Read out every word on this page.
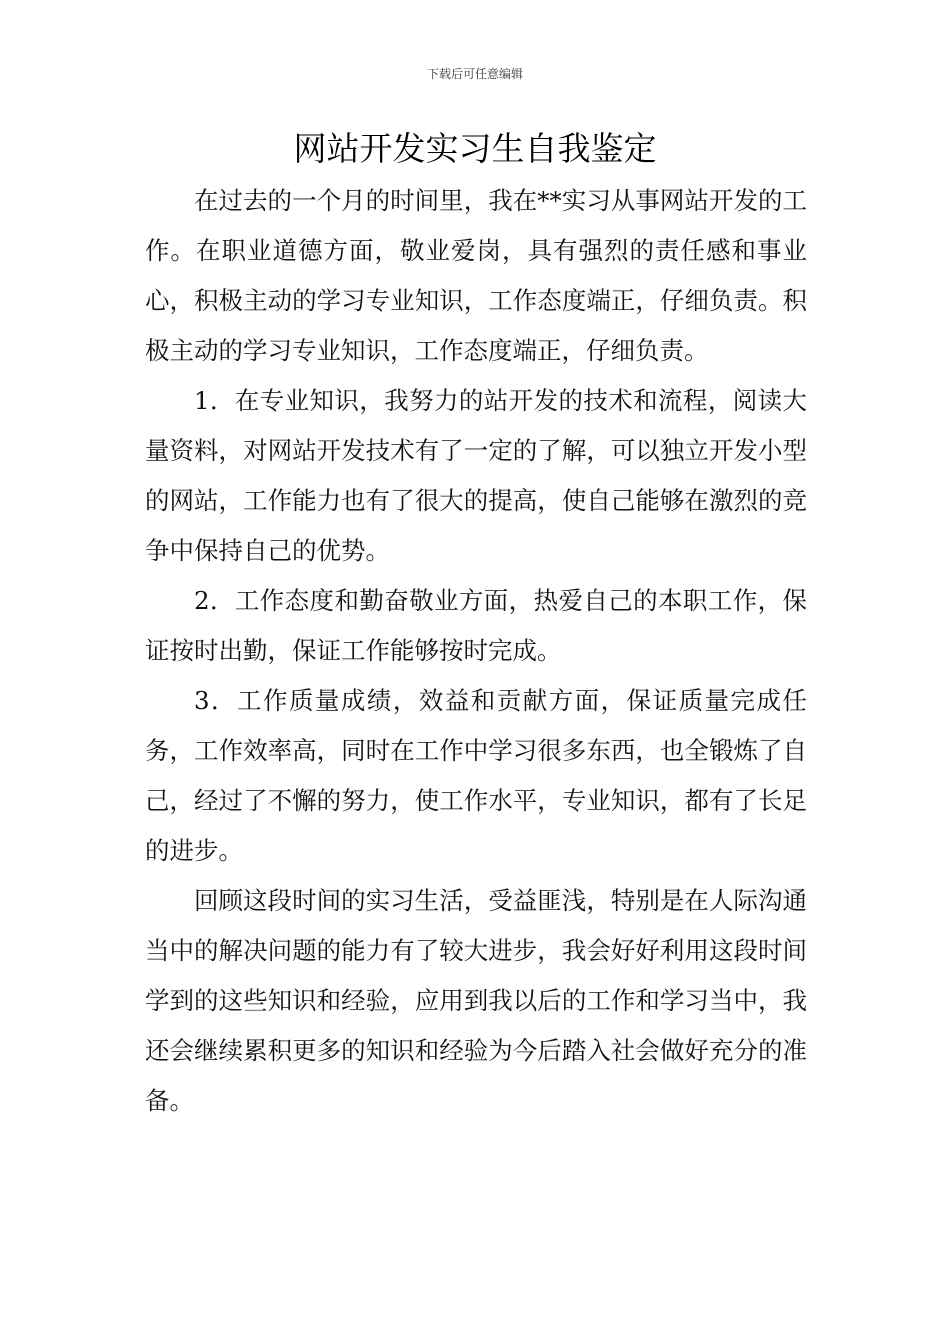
下载后可任意编辑
网站开发实习生自我鉴定

在过去的一个月的时间里，我在**实习从事网站开发的工作。在职业道德方面，敬业爱岗，具有强烈的责任感和事业心，积极主动的学习专业知识，工作态度端正，仔细负责。积极主动的学习专业知识，工作态度端正，仔细负责。

1．在专业知识，我努力的站开发的技术和流程，阅读大量资料，对网站开发技术有了一定的了解，可以独立开发小型的网站，工作能力也有了很大的提高，使自己能够在激烈的竞争中保持自己的优势。

2．工作态度和勤奋敬业方面，热爱自己的本职工作，保证按时出勤，保证工作能够按时完成。

3．工作质量成绩，效益和贡献方面，保证质量完成任务，工作效率高，同时在工作中学习很多东西，也全锻炼了自己，经过了不懈的努力，使工作水平，专业知识，都有了长足的进步。

回顾这段时间的实习生活，受益匪浅，特别是在人际沟通当中的解决问题的能力有了较大进步，我会好好利用这段时间学到的这些知识和经验，应用到我以后的工作和学习当中，我还会继续累积更多的知识和经验为今后踏入社会做好充分的准备。
